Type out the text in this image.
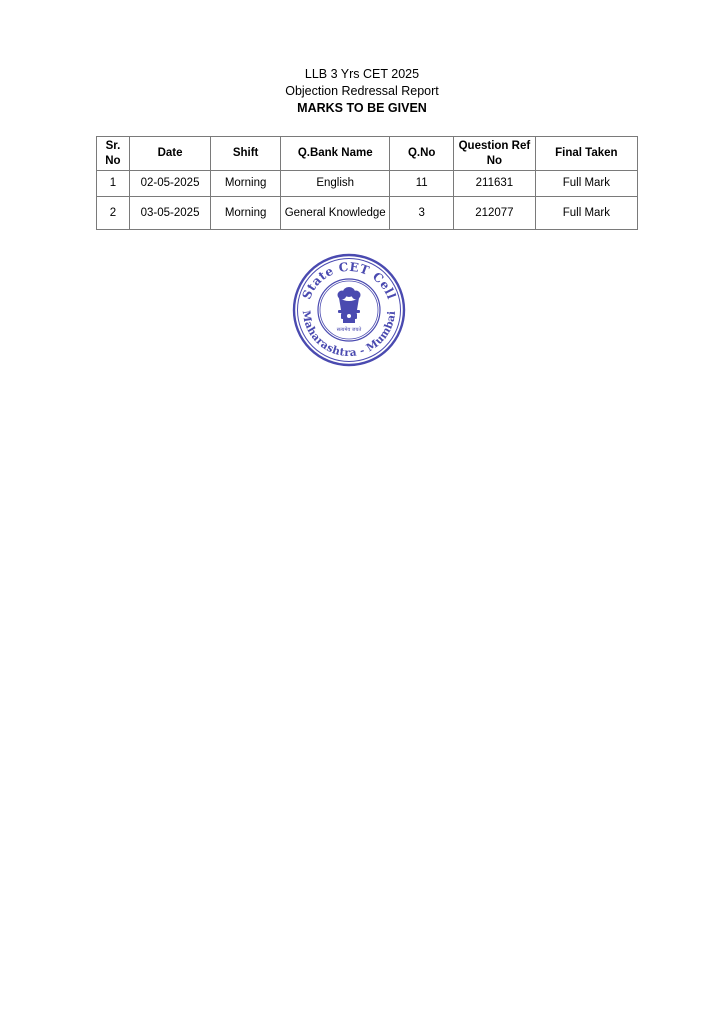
LLB 3 Yrs CET 2025
Objection Redressal Report
MARKS TO BE GIVEN
Sr. No	Date	Shift	Q.Bank Name	Q.No	Question Ref No	Final Taken
1	02-05-2025	Morning	English	11	211631	Full Mark
2	03-05-2025	Morning	General Knowledge	3	212077	Full Mark
State CET Cell
Maharashtra - Mumbai
सत्यमेव जयते
